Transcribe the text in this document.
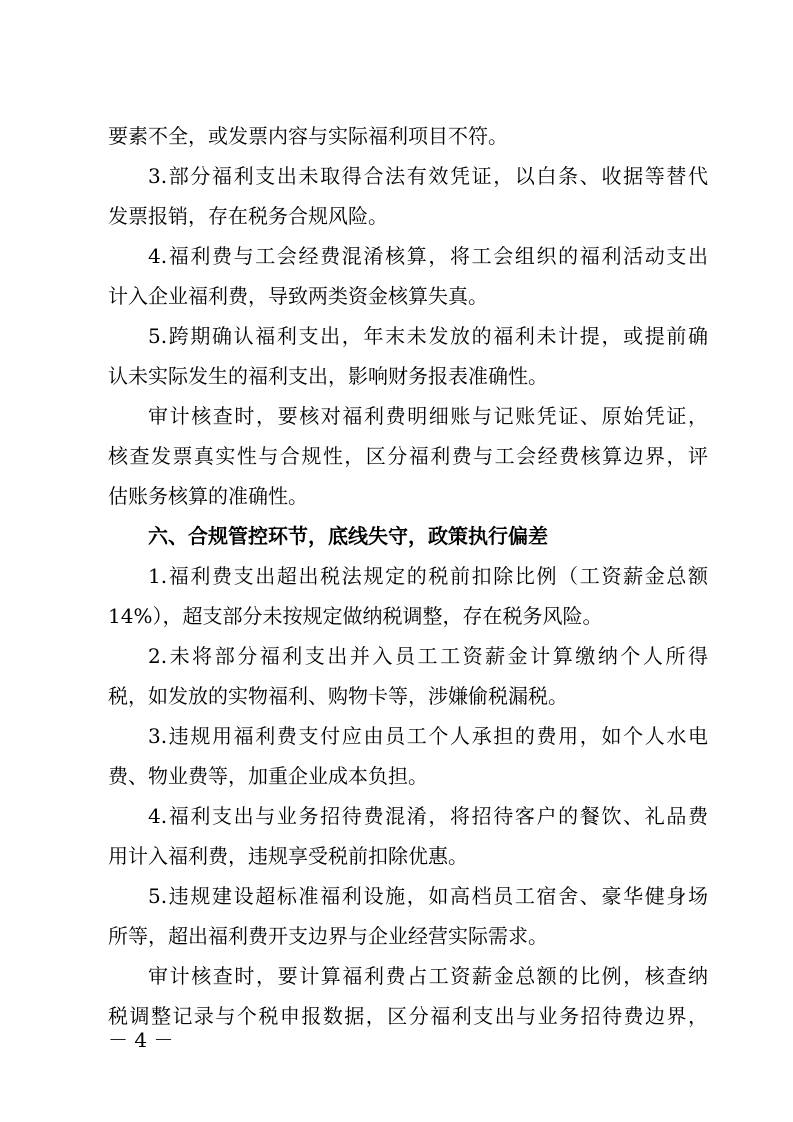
要素不全，或发票内容与实际福利项目不符。
3.部分福利支出未取得合法有效凭证，以白条、收据等替代
发票报销，存在税务合规风险。
4.福利费与工会经费混淆核算，将工会组织的福利活动支出
计入企业福利费，导致两类资金核算失真。
5.跨期确认福利支出，年末未发放的福利未计提，或提前确
认未实际发生的福利支出，影响财务报表准确性。
审计核查时，要核对福利费明细账与记账凭证、原始凭证，
核查发票真实性与合规性，区分福利费与工会经费核算边界，评
估账务核算的准确性。
六、合规管控环节，底线失守，政策执行偏差
1.福利费支出超出税法规定的税前扣除比例（工资薪金总额
14%），超支部分未按规定做纳税调整，存在税务风险。
2.未将部分福利支出并入员工工资薪金计算缴纳个人所得
税，如发放的实物福利、购物卡等，涉嫌偷税漏税。
3.违规用福利费支付应由员工个人承担的费用，如个人水电
费、物业费等，加重企业成本负担。
4.福利支出与业务招待费混淆，将招待客户的餐饮、礼品费
用计入福利费，违规享受税前扣除优惠。
5.违规建设超标准福利设施，如高档员工宿舍、豪华健身场
所等，超出福利费开支边界与企业经营实际需求。
审计核查时，要计算福利费占工资薪金总额的比例，核查纳
税调整记录与个税申报数据，区分福利支出与业务招待费边界，
－ 4 －
